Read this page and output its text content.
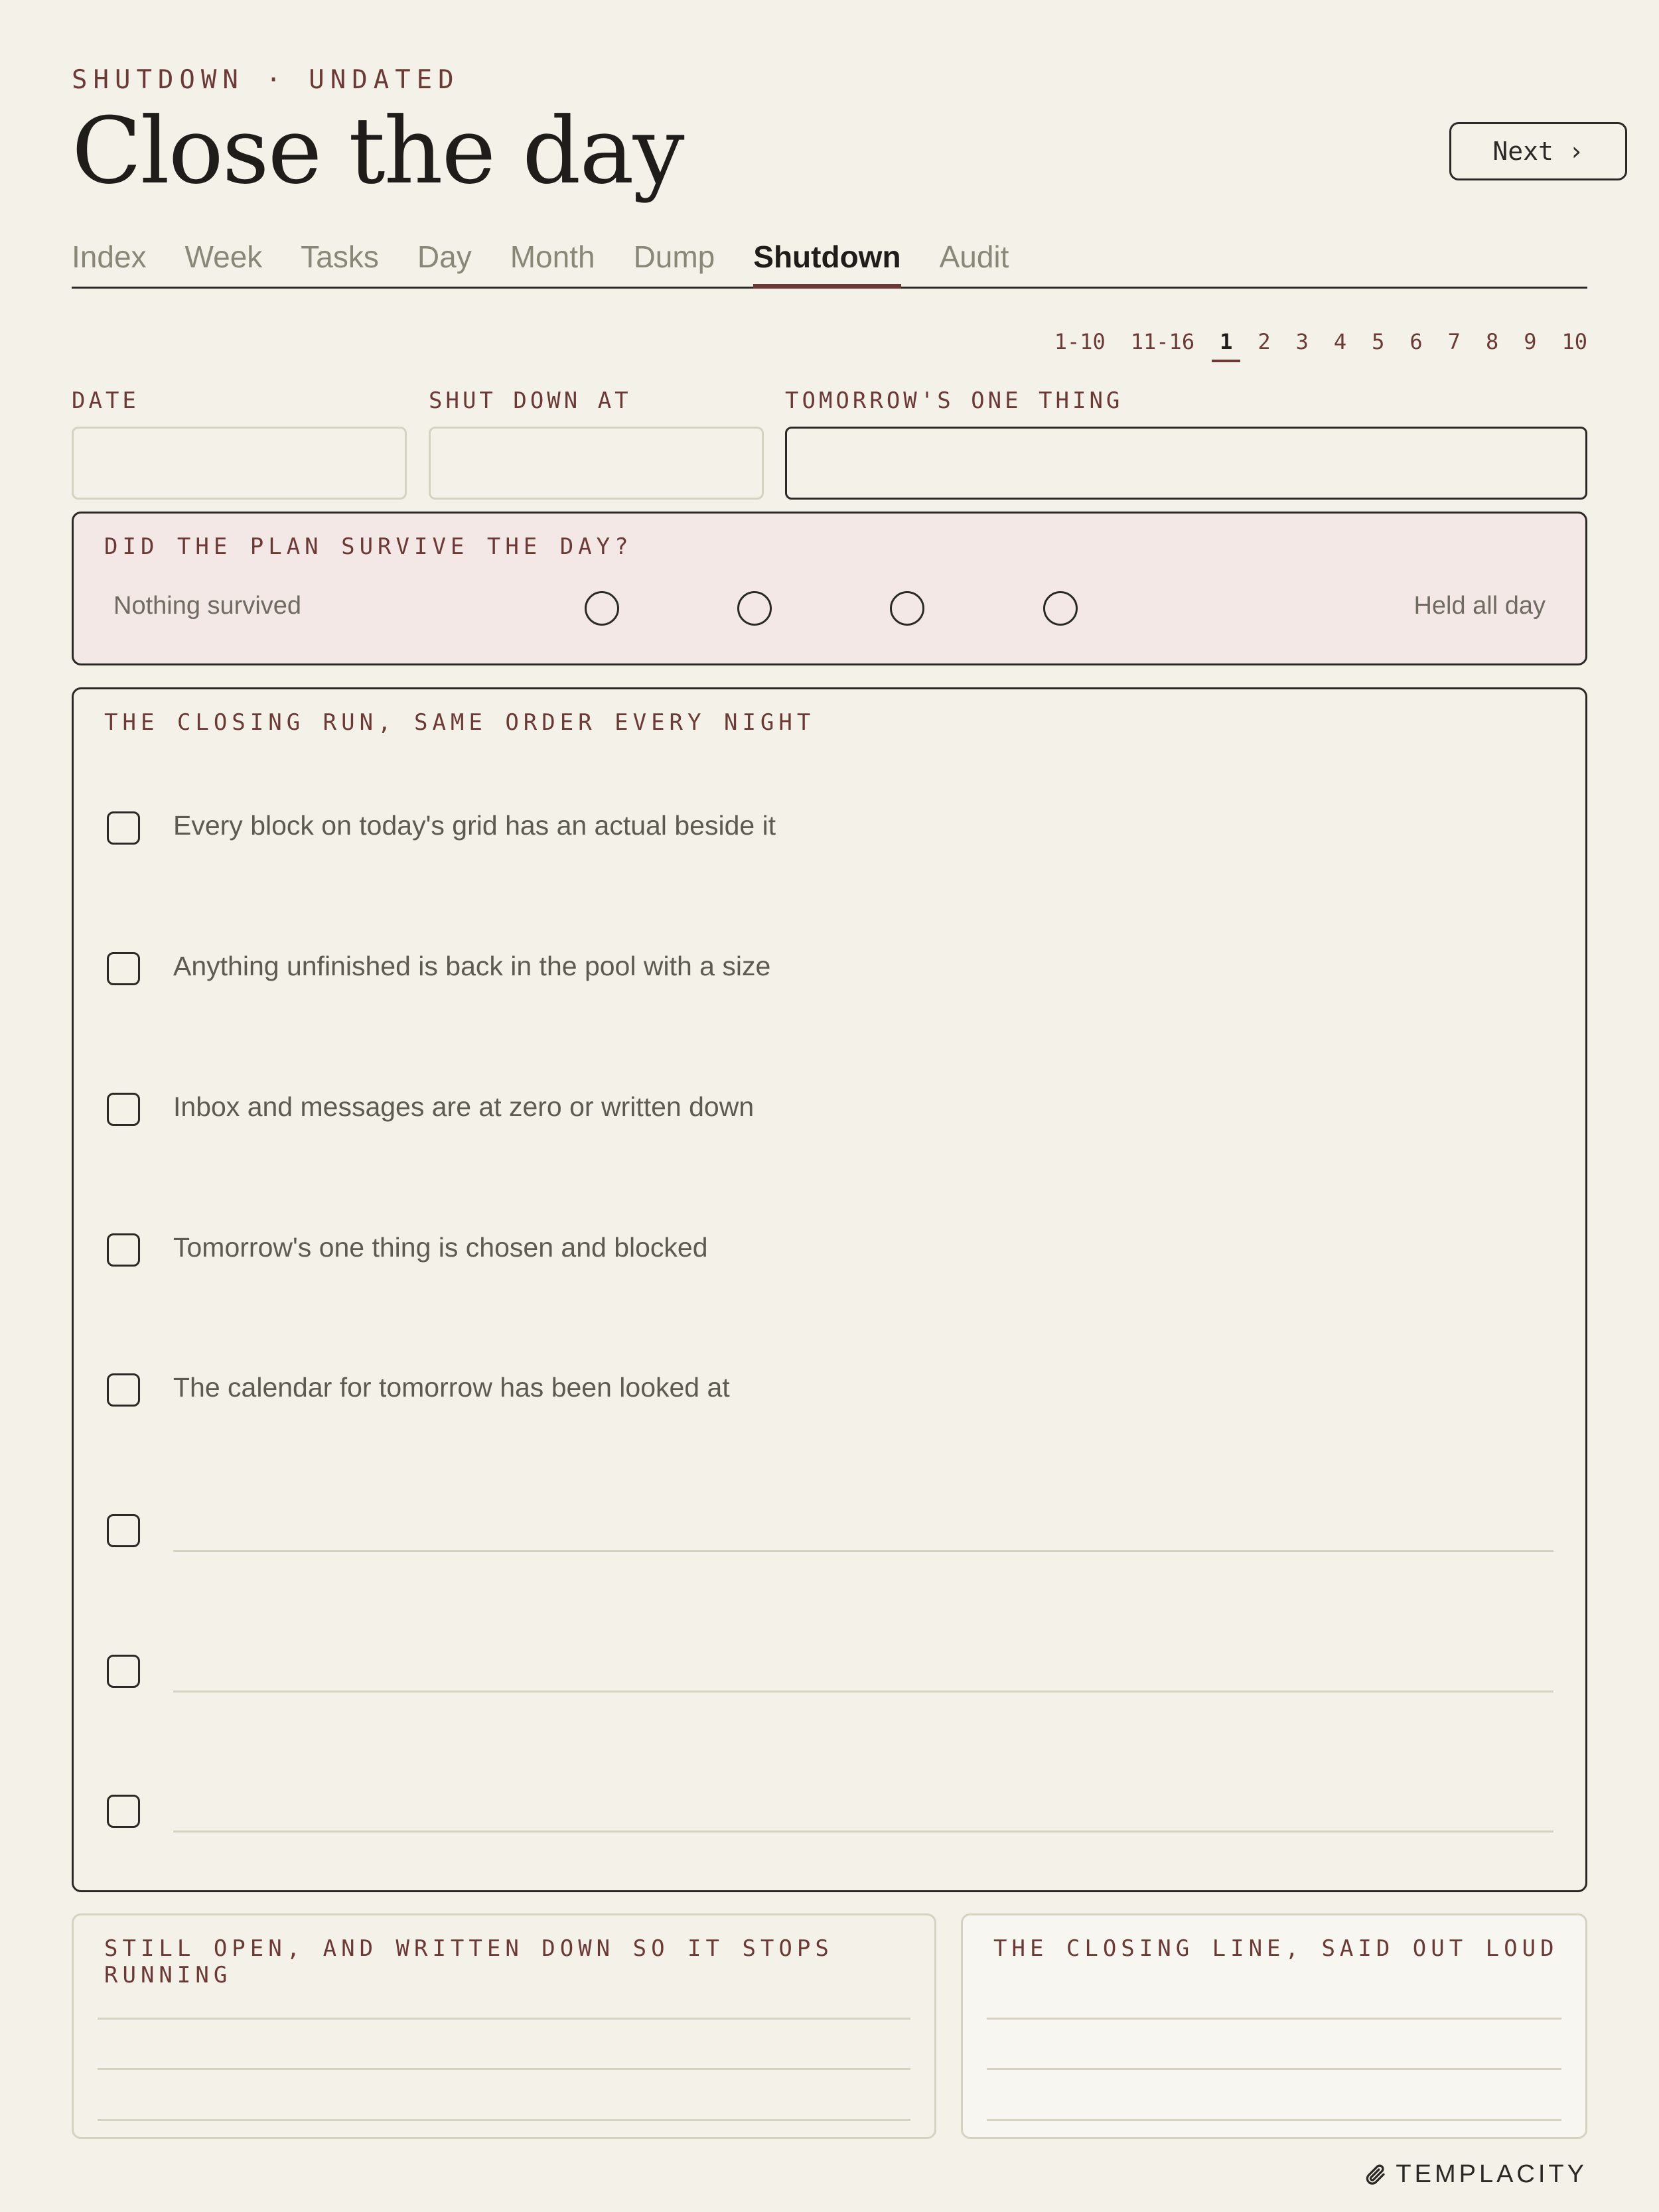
SHUTDOWN · UNDATED
Close the day	Next ›
Index Week Tasks Day Month Dump Shutdown Audit
1-10 11-16 1 2 3 4 5 6 7 8 9 10
DATE	SHUT DOWN AT	TOMORROW'S ONE THING
DID THE PLAN SURVIVE THE DAY?
Nothing survived	Held all day
THE CLOSING RUN, SAME ORDER EVERY NIGHT
Every block on today's grid has an actual beside it
Anything unfinished is back in the pool with a size
Inbox and messages are at zero or written down
Tomorrow's one thing is chosen and blocked
The calendar for tomorrow has been looked at
STILL OPEN, AND WRITTEN DOWN SO IT STOPS RUNNING
THE CLOSING LINE, SAID OUT LOUD
TEMPLACITY
